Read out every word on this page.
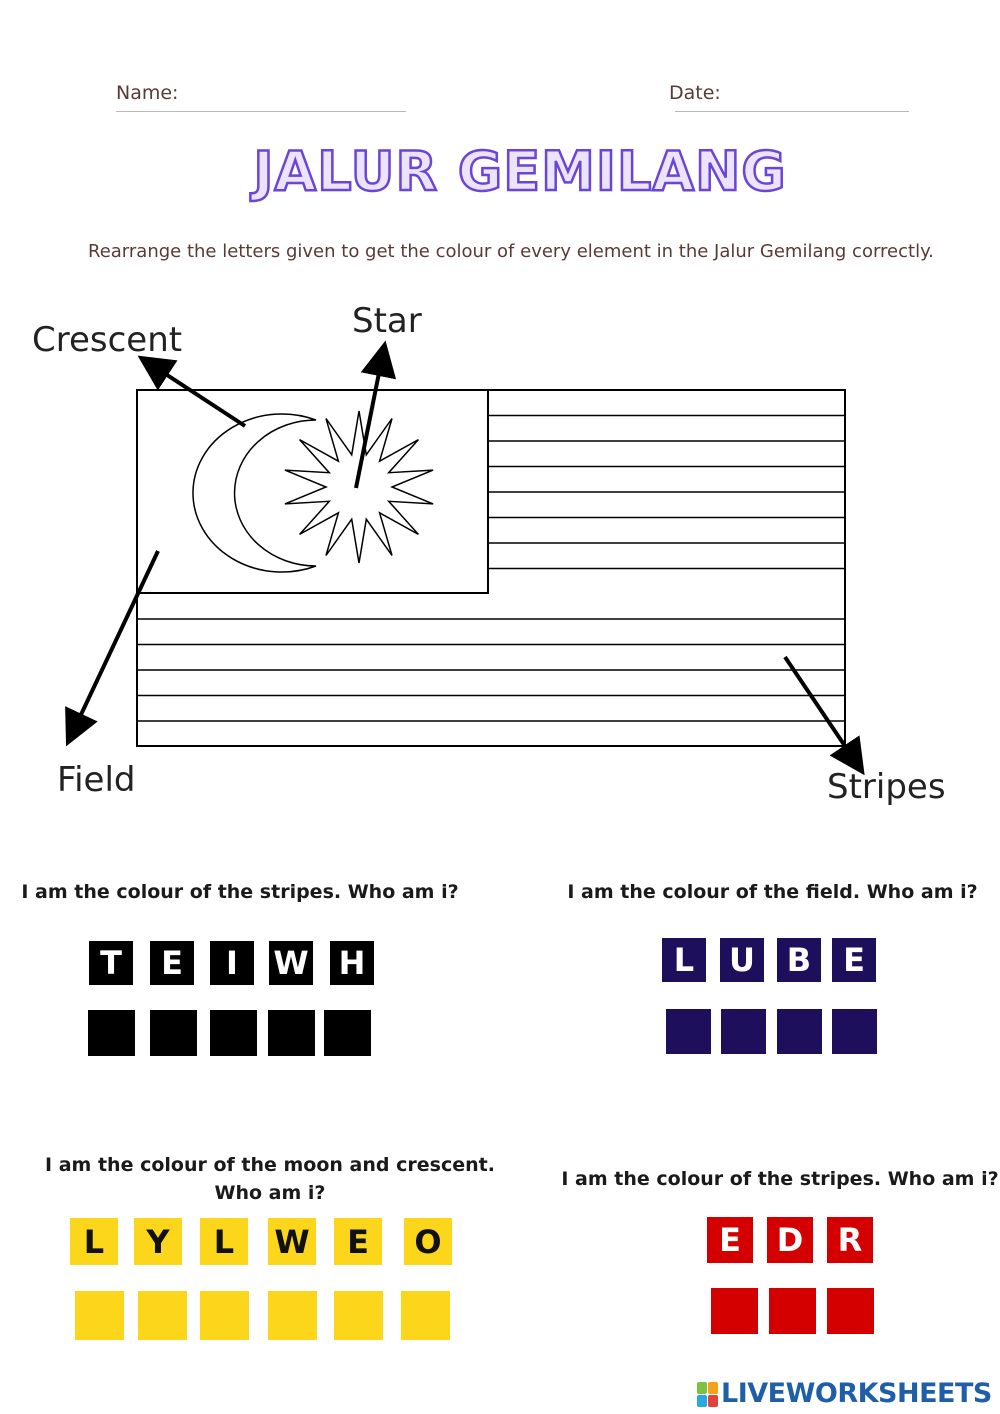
Name:	Date:
JALUR GEMILANG
Rearrange the letters given to get the colour of every element in the Jalur Gemilang correctly.
Crescent	Star
Field	Stripes
I am the colour of the stripes. Who am i?
T	E	I	W H
I am the colour of the field. Who am i?
L	U B E
I am the colour of the moon and crescent.
Who am i?
L	Y	L	W	E	O
I am the colour of the stripes. Who am i?
E	D	R
LIVEWORKSHEETS
